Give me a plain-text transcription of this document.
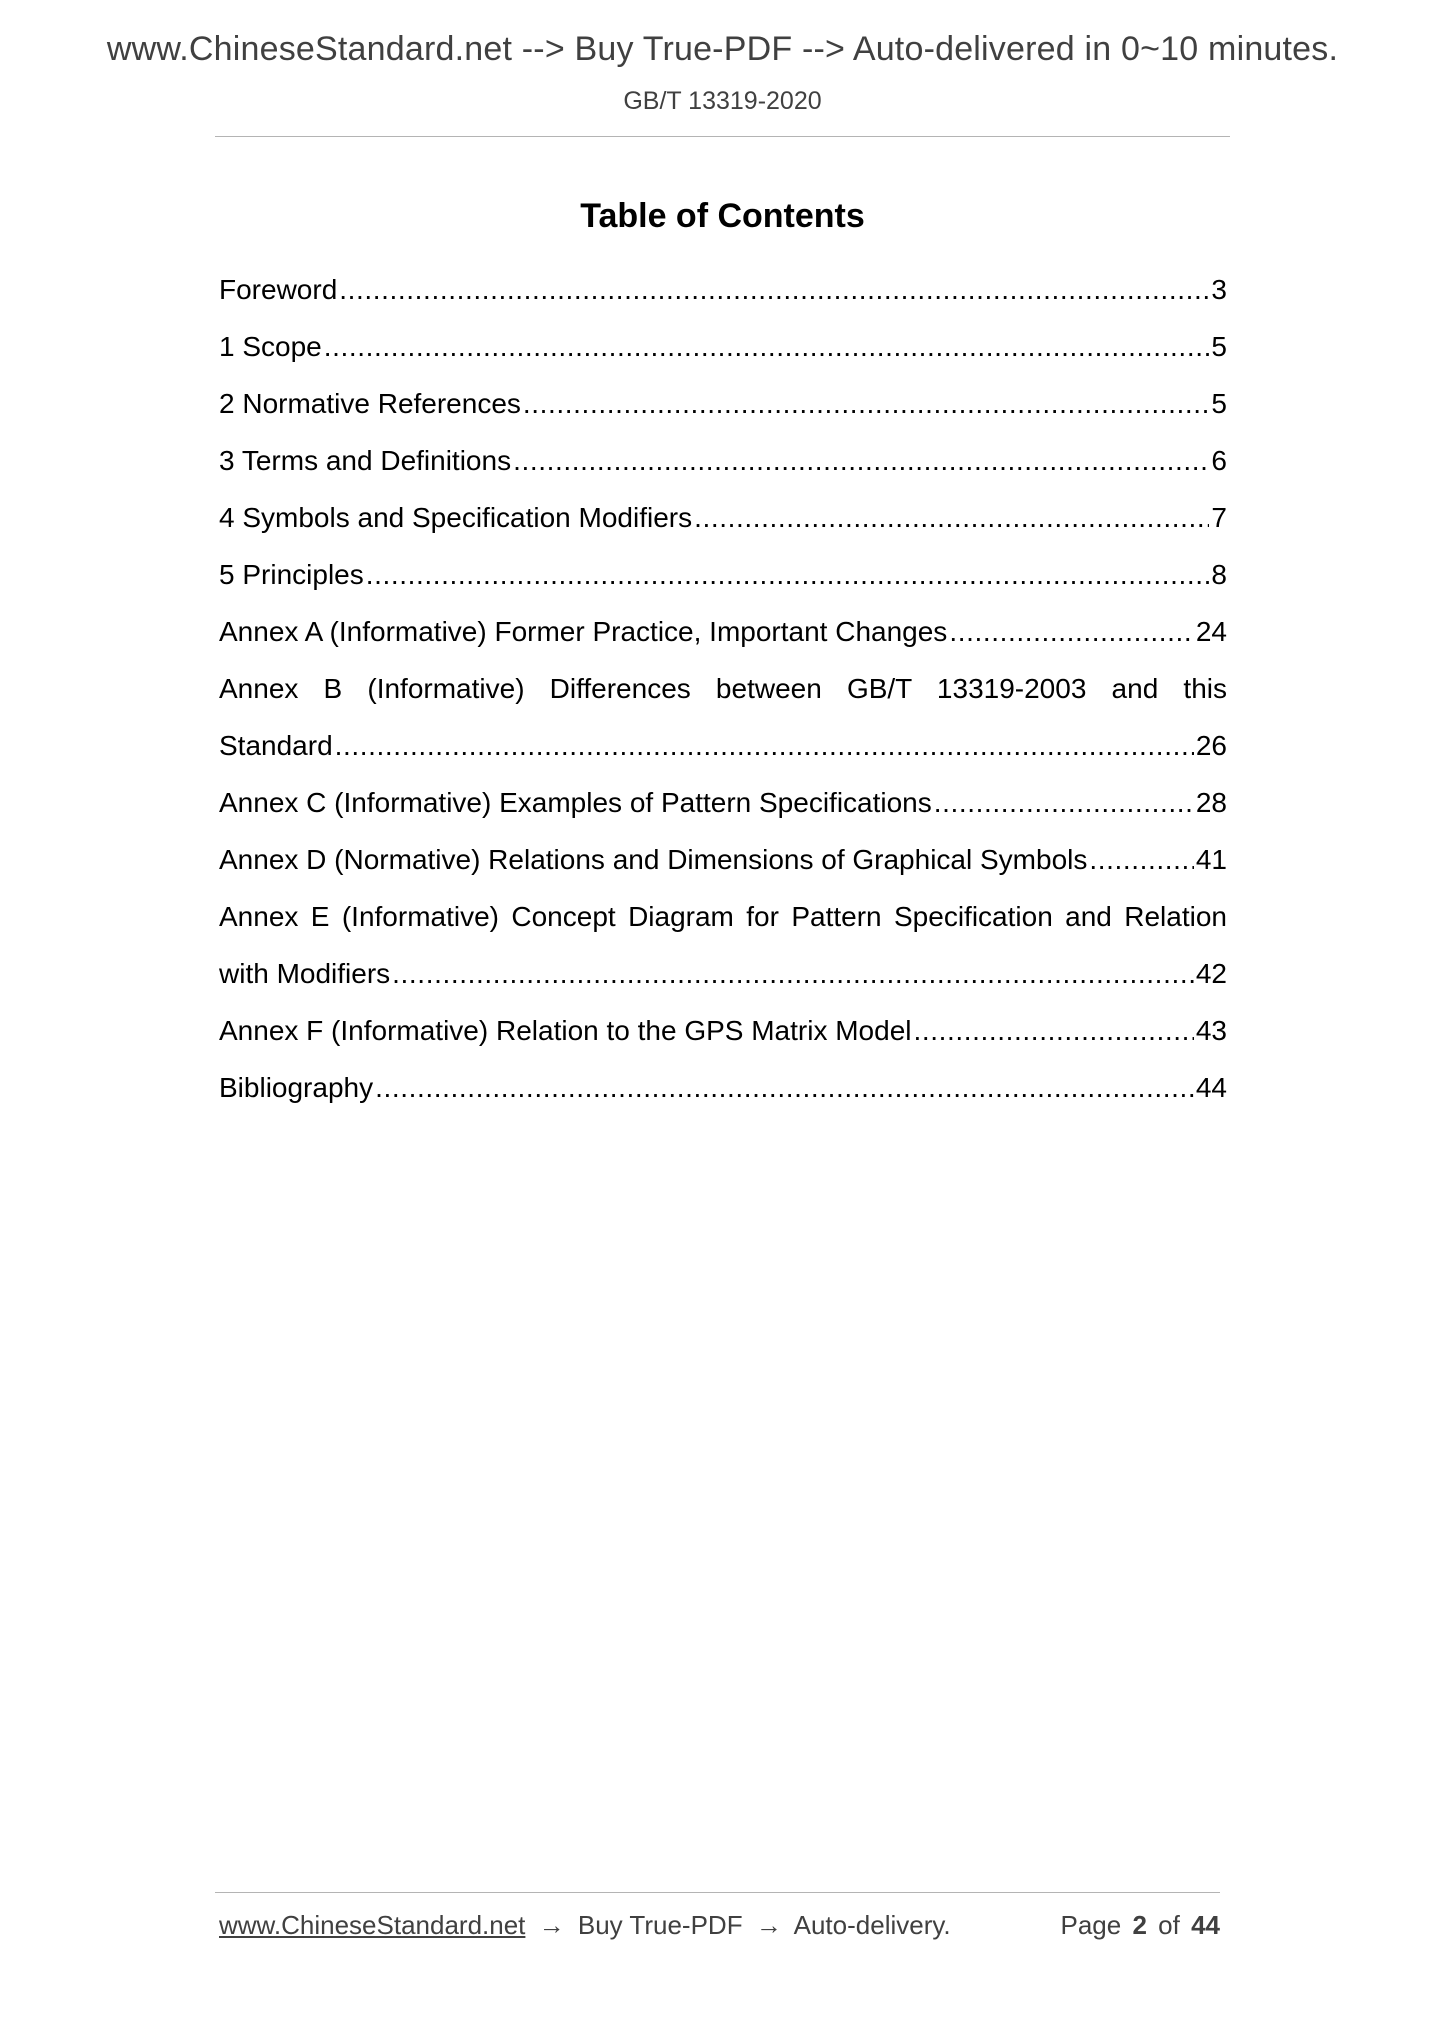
www.ChineseStandard.net --> Buy True-PDF --> Auto-delivered in 0~10 minutes.
GB/T 13319-2020
Table of Contents
Foreword .....	3
1 Scope .....	5
2 Normative References .....	5
3 Terms and Definitions .....	6
4 Symbols and Specification Modifiers .....	7
5 Principles .....	8
Annex A (Informative) Former Practice, Important Changes .....	24
Annex B (Informative) Differences between GB/T 13319-2003 and this
Standard .....	26
Annex C (Informative) Examples of Pattern Specifications .....	28
Annex D (Normative) Relations and Dimensions of Graphical Symbols .....	41
Annex E (Informative) Concept Diagram for Pattern Specification and Relation
with Modifiers .....	42
Annex F (Informative) Relation to the GPS Matrix Model .....	43
Bibliography .....	44
www.ChineseStandard.net → Buy True-PDF → Auto-delivery.	Page 2 of 44
